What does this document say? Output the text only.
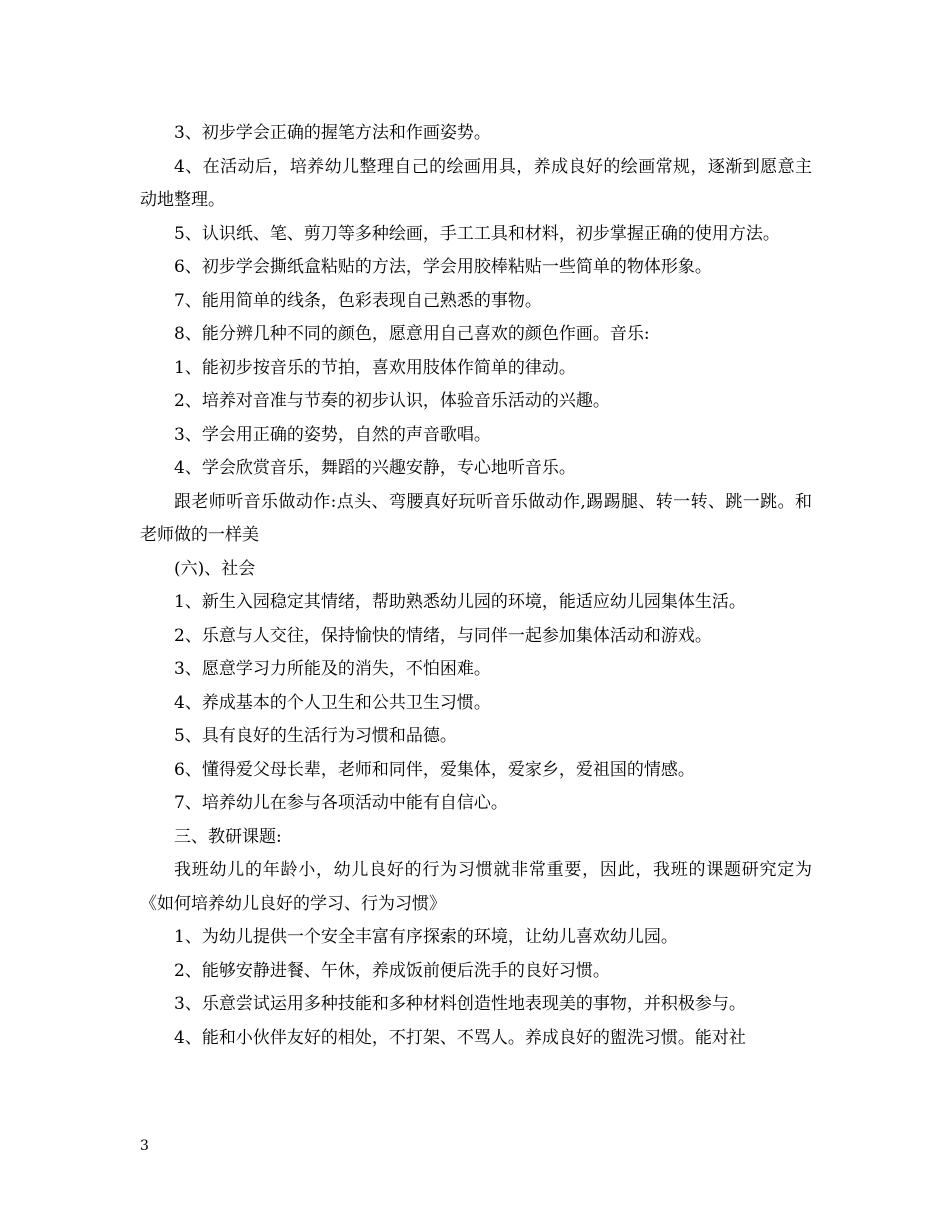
3、初步学会正确的握笔方法和作画姿势。

4、在活动后，培养幼儿整理自己的绘画用具，养成良好的绘画常规，逐渐到愿意主动地整理。

5、认识纸、笔、剪刀等多种绘画，手工工具和材料，初步掌握正确的使用方法。

6、初步学会撕纸盒粘贴的方法，学会用胶棒粘贴一些简单的物体形象。

7、能用简单的线条，色彩表现自己熟悉的事物。

8、能分辨几种不同的颜色，愿意用自己喜欢的颜色作画。音乐:

1、能初步按音乐的节拍，喜欢用肢体作简单的律动。

2、培养对音准与节奏的初步认识，体验音乐活动的兴趣。

3、学会用正确的姿势，自然的声音歌唱。

4、学会欣赏音乐，舞蹈的兴趣安静，专心地听音乐。

跟老师听音乐做动作:点头、弯腰真好玩听音乐做动作,踢踢腿、转一转、跳一跳。和老师做的一样美

(六)、社会

1、新生入园稳定其情绪，帮助熟悉幼儿园的环境，能适应幼儿园集体生活。

2、乐意与人交往，保持愉快的情绪，与同伴一起参加集体活动和游戏。

3、愿意学习力所能及的消失，不怕困难。

4、养成基本的个人卫生和公共卫生习惯。

5、具有良好的生活行为习惯和品德。

6、懂得爱父母长辈，老师和同伴，爱集体，爱家乡，爱祖国的情感。

7、培养幼儿在参与各项活动中能有自信心。

三、教研课题:

我班幼儿的年龄小，幼儿良好的行为习惯就非常重要，因此，我班的课题研究定为《如何培养幼儿良好的学习、行为习惯》

1、为幼儿提供一个安全丰富有序探索的环境，让幼儿喜欢幼儿园。

2、能够安静进餐、午休，养成饭前便后洗手的良好习惯。

3、乐意尝试运用多种技能和多种材料创造性地表现美的事物，并积极参与。

4、能和小伙伴友好的相处，不打架、不骂人。养成良好的盥洗习惯。能对社

3
